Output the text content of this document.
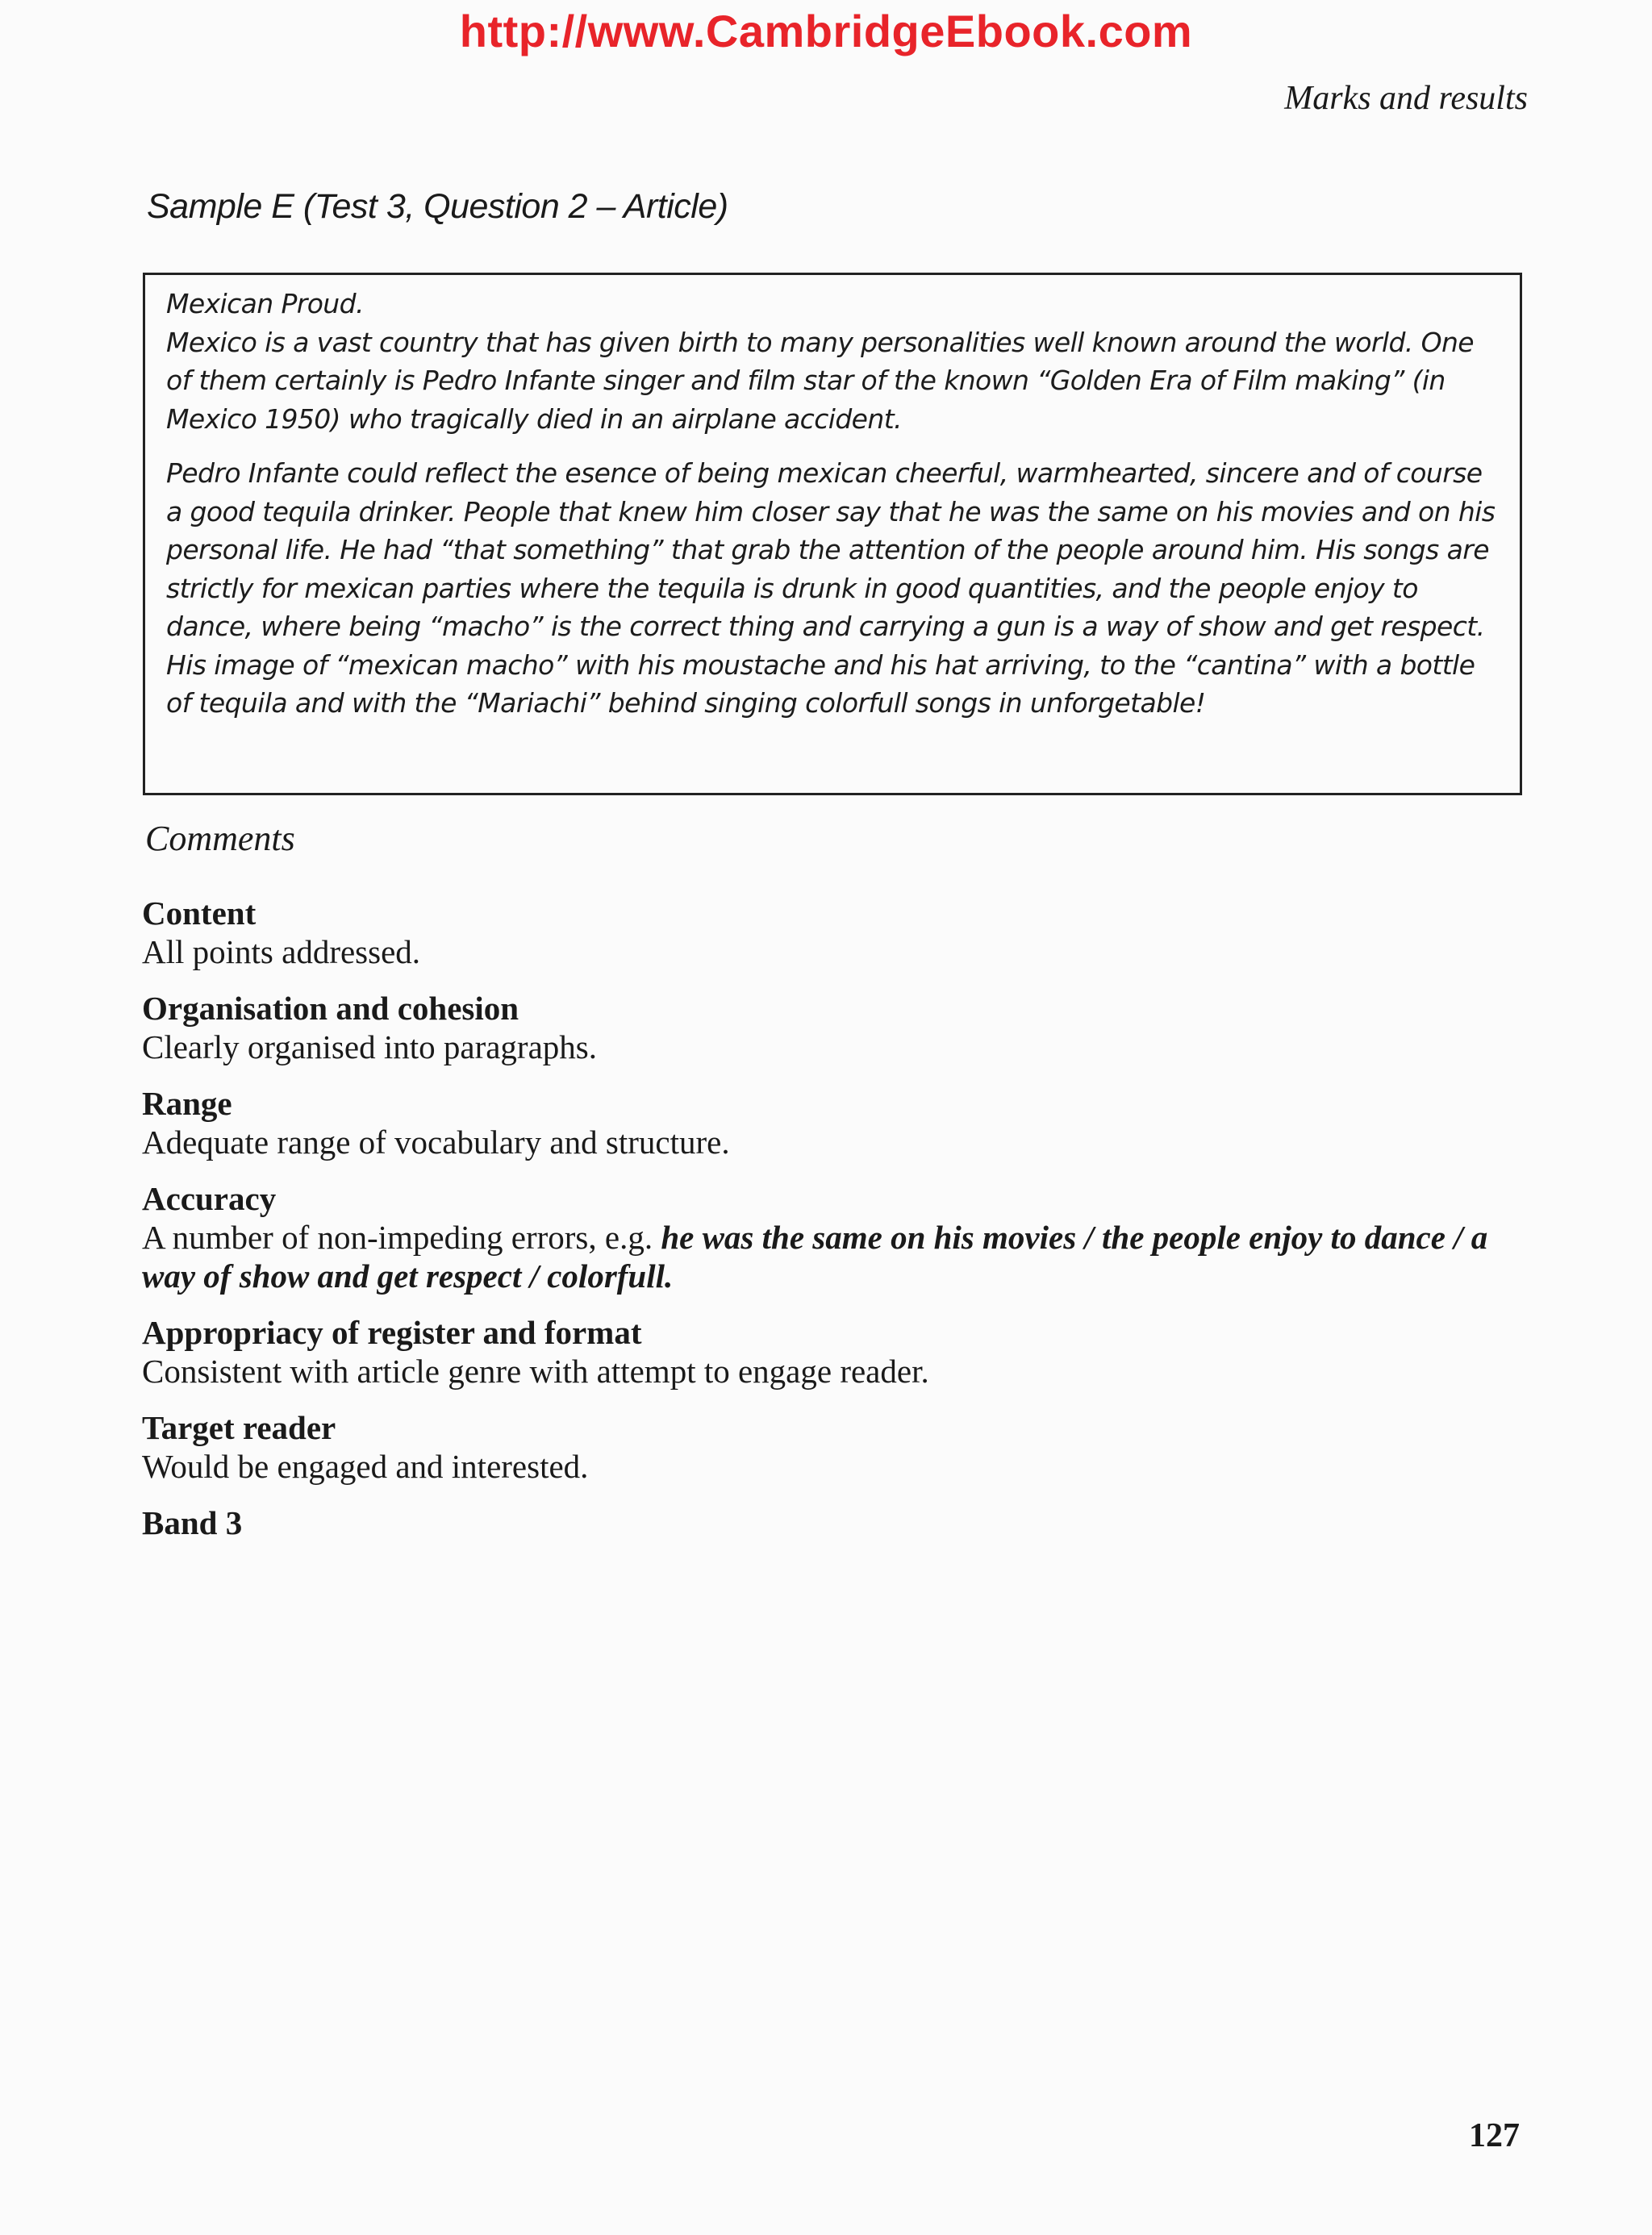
http://www.CambridgeEbook.com
Marks and results
Sample E (Test 3, Question 2 – Article)

Mexican Proud.
Mexico is a vast country that has given birth to many personalities well known around the world. One of them certainly is Pedro Infante singer and film star of the known “Golden Era of Film making” (in Mexico 1950) who tragically died in an airplane accident.

Pedro Infante could reflect the esence of being mexican cheerful, warmhearted, sincere and of course a good tequila drinker. People that knew him closer say that he was the same on his movies and on his personal life. He had “that something” that grab the attention of the people around him. His songs are strictly for mexican parties where the tequila is drunk in good quantities, and the people enjoy to dance, where being “macho” is the correct thing and carrying a gun is a way of show and get respect. His image of “mexican macho” with his moustache and his hat arriving, to the “cantina” with a bottle of tequila and with the “Mariachi” behind singing colorfull songs in unforgetable!

Comments
Content
All points addressed.
Organisation and cohesion
Clearly organised into paragraphs.
Range
Adequate range of vocabulary and structure.
Accuracy
A number of non-impeding errors, e.g. he was the same on his movies / the people enjoy to dance / a way of show and get respect / colorfull.
Appropriacy of register and format
Consistent with article genre with attempt to engage reader.
Target reader
Would be engaged and interested.
Band 3
127
